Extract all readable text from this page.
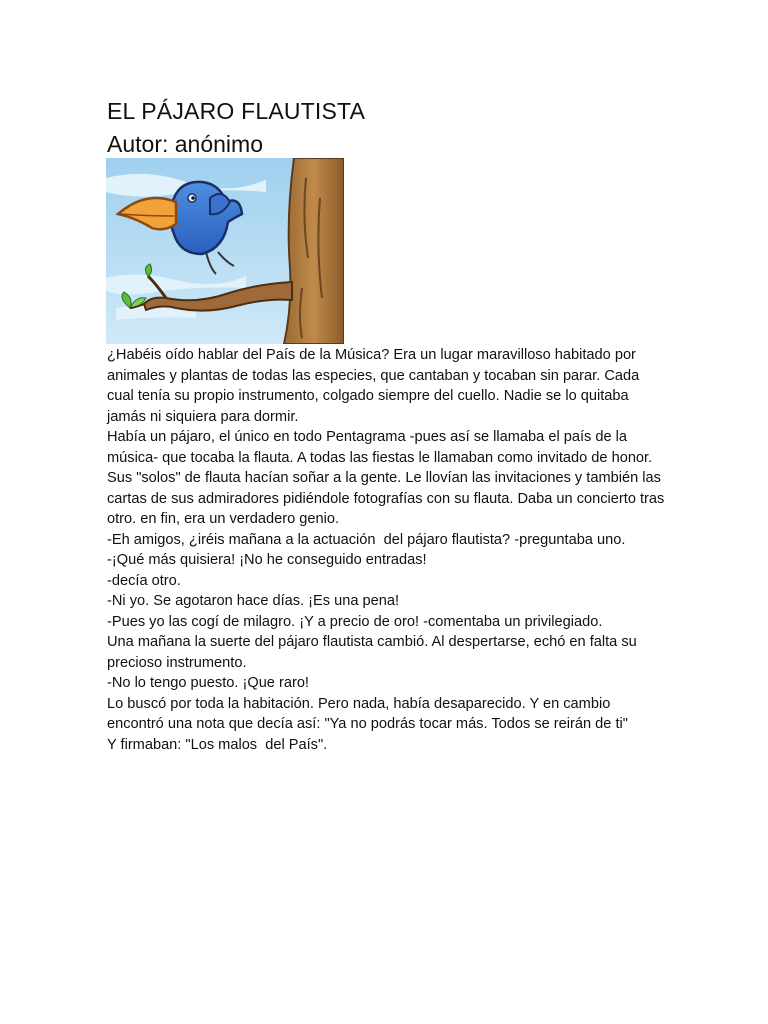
EL PÁJARO FLAUTISTA
Autor: anónimo

¿Habéis oído hablar del País de la Música? Era un lugar maravilloso habitado por animales y plantas de todas las especies, que cantaban y tocaban sin parar. Cada cual tenía su propio instrumento, colgado siempre del cuello. Nadie se lo quitaba jamás ni siquiera para dormir.

Había un pájaro, el único en todo Pentagrama -pues así se llamaba el país de la música- que tocaba la flauta. A todas las fiestas le llamaban como invitado de honor. Sus "solos" de flauta hacían soñar a la gente. Le llovían las invitaciones y también las cartas de sus admiradores pidiéndole fotografías con su flauta. Daba un concierto tras otro. en fin, era un verdadero genio.

-Eh amigos, ¿iréis mañana a la actuación  del pájaro flautista? -preguntaba uno.

-¡Qué más quisiera! ¡No he conseguido entradas!

-decía otro.

-Ni yo. Se agotaron hace días. ¡Es una pena!

-Pues yo las cogí de milagro. ¡Y a precio de oro! -comentaba un privilegiado.

Una mañana la suerte del pájaro flautista cambió. Al despertarse, echó en falta su precioso instrumento.

-No lo tengo puesto. ¡Que raro!

Lo buscó por toda la habitación. Pero nada, había desaparecido. Y en cambio encontró una nota que decía así: "Ya no podrás tocar más. Todos se reirán de ti"

Y firmaban: "Los malos  del País".
